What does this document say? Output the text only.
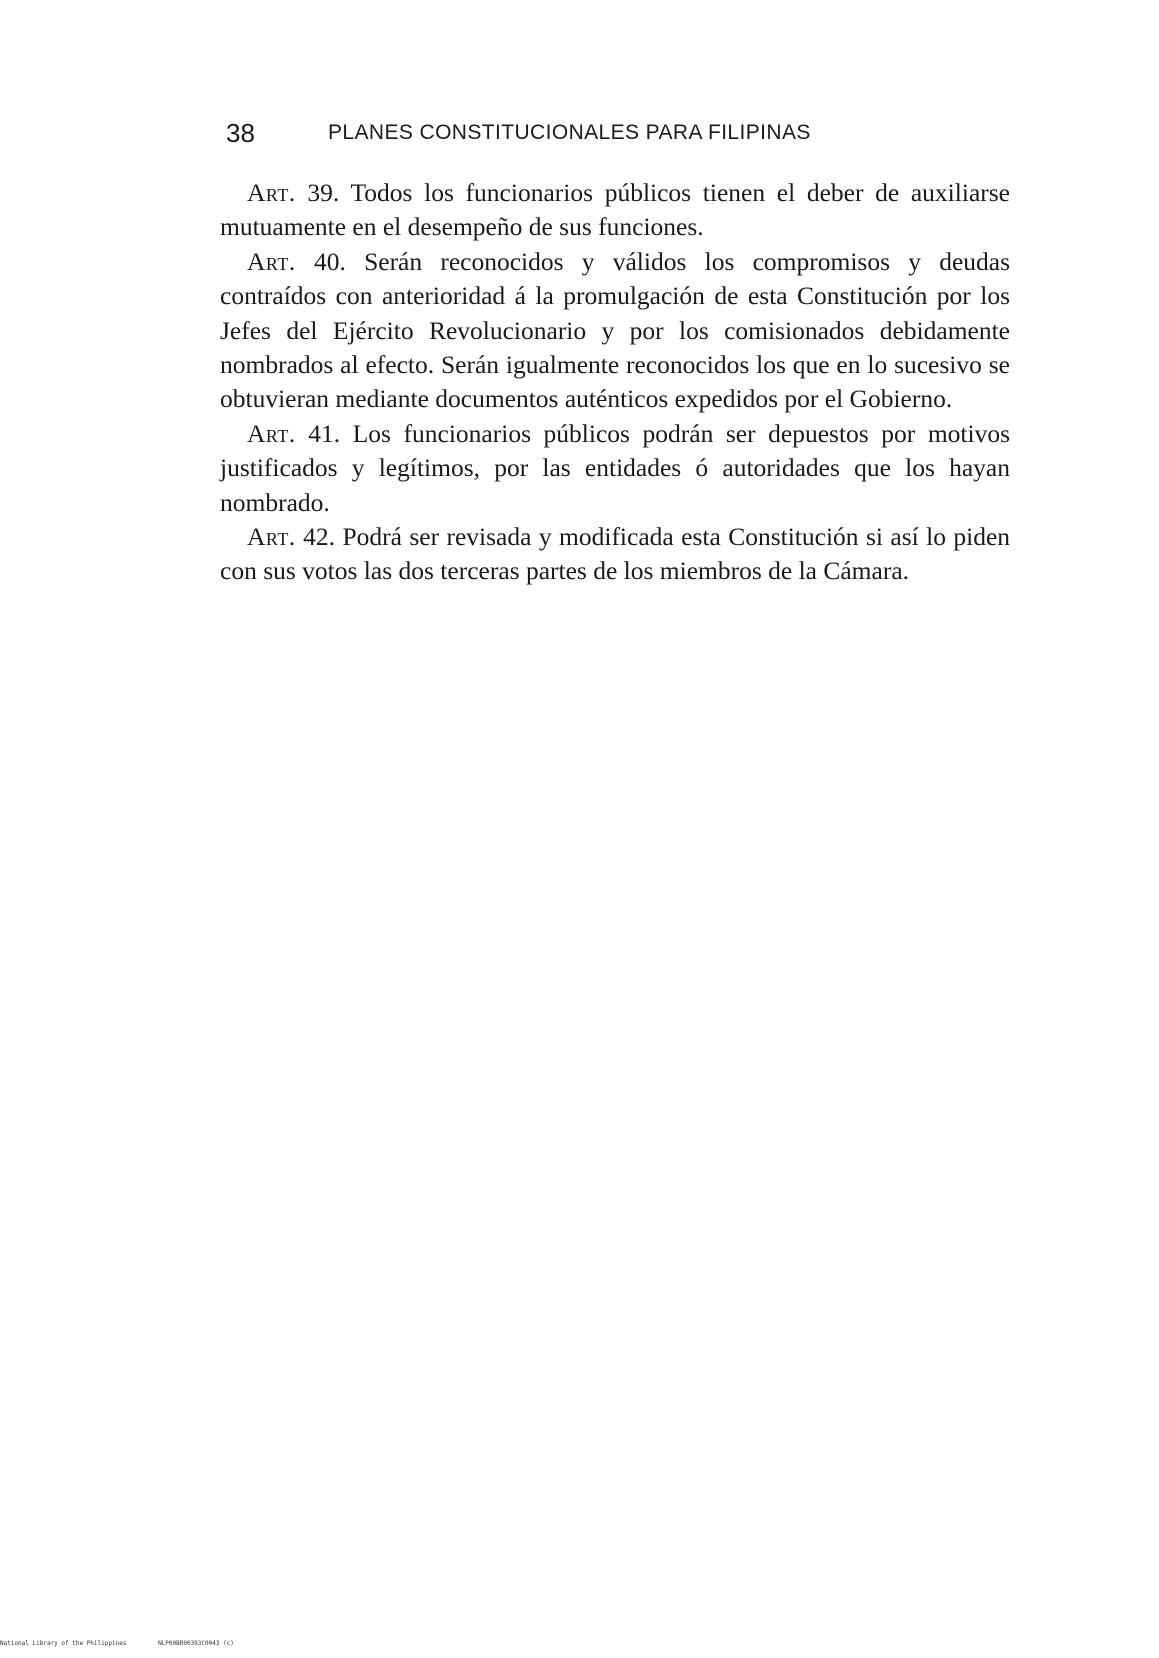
38	PLANES CONSTITUCIONALES PARA FILIPINAS

Art. 39. Todos los funcionarios públicos tienen el deber de auxiliarse mutuamente en el desempeño de sus funciones.

Art. 40. Serán reconocidos y válidos los compromisos y deudas contraídos con anterioridad á la promulgación de esta Constitución por los Jefes del Ejército Revolucionario y por los comisionados debidamente nombrados al efecto. Serán igualmente reconocidos los que en lo sucesivo se obtuvieran mediante documentos auténticos expedidos por el Gobierno.

Art. 41. Los funcionarios públicos podrán ser depuestos por motivos justificados y legítimos, por las entidades ó autoridades que los hayan nombrado.

Art. 42. Podrá ser revisada y modificada esta Constitución si así lo piden con sus votos las dos terceras partes de los miembros de la Cámara.

National Library of the Philippines	NLP00BR00393C0043 (c)
